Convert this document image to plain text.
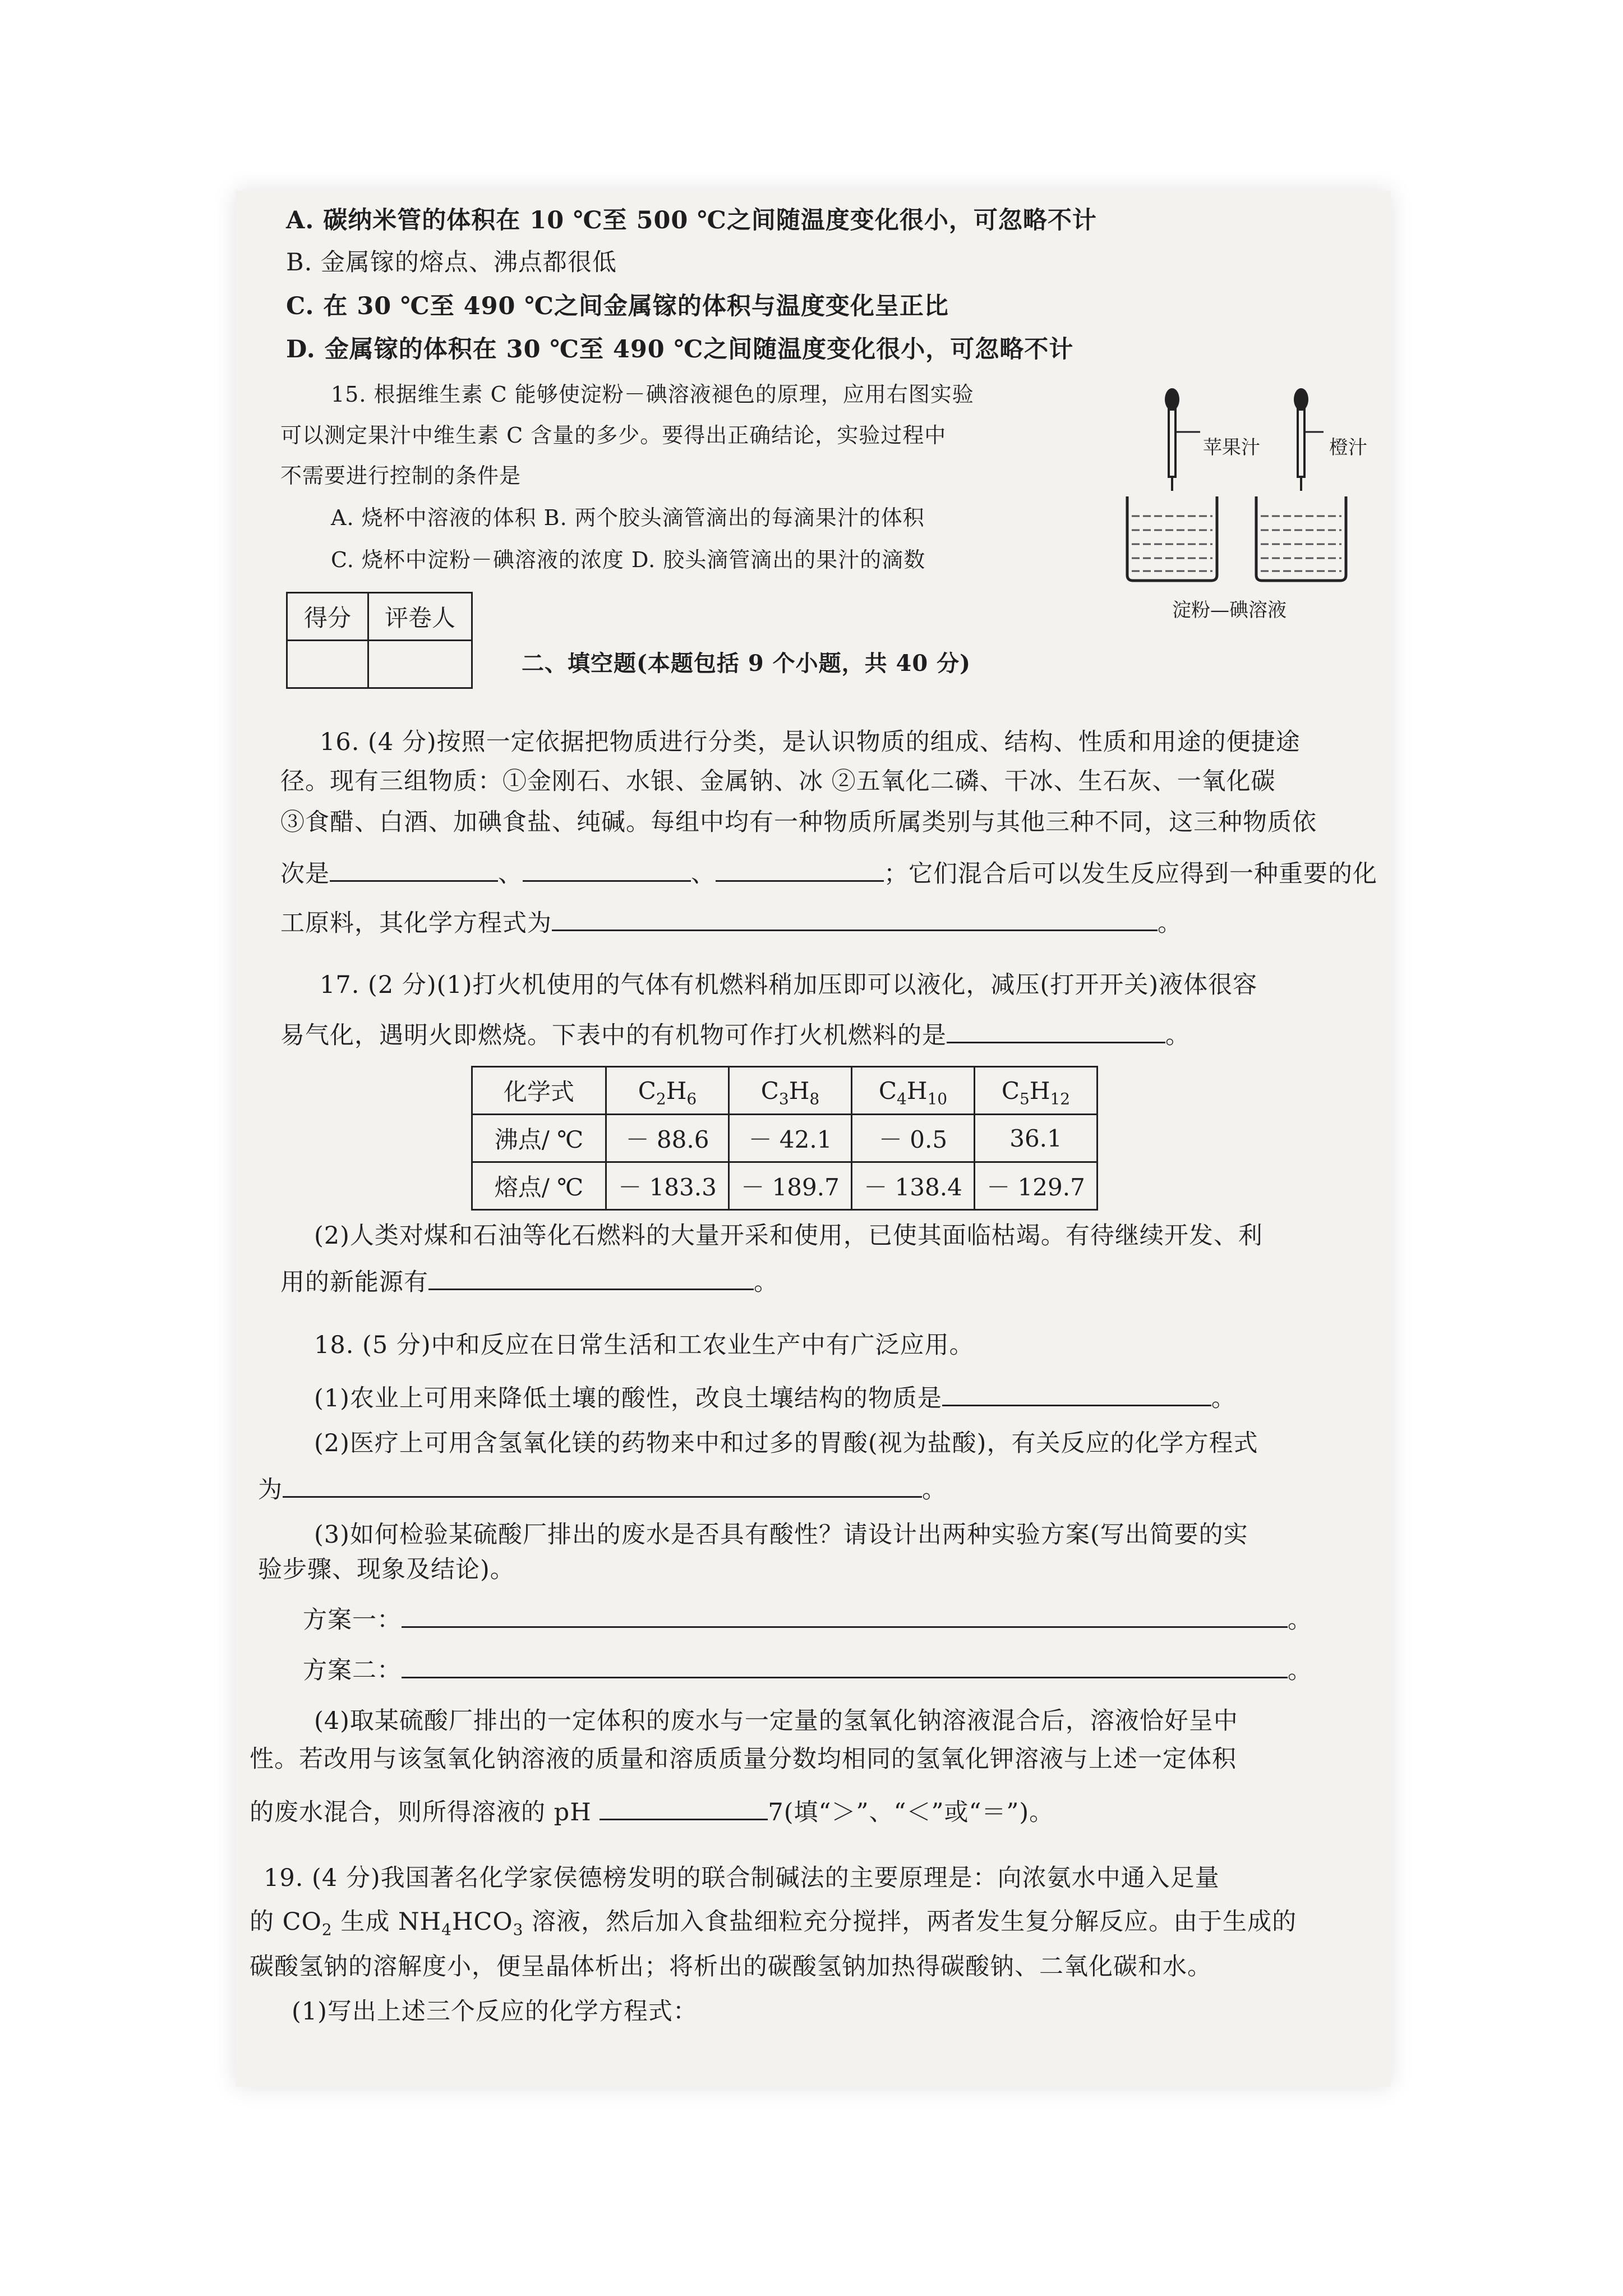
A. 碳纳米管的体积在 10 ℃至 500 ℃之间随温度变化很小，可忽略不计
B. 金属镓的熔点、沸点都很低
C. 在 30 ℃至 490 ℃之间金属镓的体积与温度变化呈正比
D. 金属镓的体积在 30 ℃至 490 ℃之间随温度变化很小，可忽略不计
15. 根据维生素 C 能够使淀粉－碘溶液褪色的原理，应用右图实验
可以测定果汁中维生素 C 含量的多少。要得出正确结论，实验过程中
不需要进行控制的条件是
A. 烧杯中溶液的体积 B. 两个胶头滴管滴出的每滴果汁的体积
C. 烧杯中淀粉－碘溶液的浓度 D. 胶头滴管滴出的果汁的滴数
苹果汁	橙汁
淀粉—碘溶液
得分	评卷人

二、填空题(本题包括 9 个小题，共 40 分)
16. (4 分)按照一定依据把物质进行分类，是认识物质的组成、结构、性质和用途的便捷途
径。现有三组物质：①金刚石、水银、金属钠、冰 ②五氧化二磷、干冰、生石灰、一氧化碳
③食醋、白酒、加碘食盐、纯碱。每组中均有一种物质所属类别与其他三种不同，这三种物质依
次是	、	、	；它们混合后可以发生反应得到一种重要的化
工原料，其化学方程式为	。
17. (2 分)(1)打火机使用的气体有机燃料稍加压即可以液化，减压(打开开关)液体很容
易气化，遇明火即燃烧。下表中的有机物可作打火机燃料的是	。
化学式	$C_2H_6$	$C_3H_8$	$C_4H_{10}$	$C_5H_{12}$
沸点/ ℃	－ 88.6	－ 42.1	－ 0.5	36.1
熔点/ ℃	－ 183.3	－ 189.7	－ 138.4	－ 129.7
(2)人类对煤和石油等化石燃料的大量开采和使用，已使其面临枯竭。有待继续开发、利
用的新能源有	。
18. (5 分)中和反应在日常生活和工农业生产中有广泛应用。
(1)农业上可用来降低土壤的酸性，改良土壤结构的物质是	。
(2)医疗上可用含氢氧化镁的药物来中和过多的胃酸(视为盐酸)，有关反应的化学方程式
为	。
(3)如何检验某硫酸厂排出的废水是否具有酸性？请设计出两种实验方案(写出简要的实
验步骤、现象及结论)。
方案一：	。
方案二：	。
(4)取某硫酸厂排出的一定体积的废水与一定量的氢氧化钠溶液混合后，溶液恰好呈中
性。若改用与该氢氧化钠溶液的质量和溶质质量分数均相同的氢氧化钾溶液与上述一定体积
的废水混合，则所得溶液的 pH	7(填“＞”、“＜”或“＝”)。
19. (4 分)我国著名化学家侯德榜发明的联合制碱法的主要原理是：向浓氨水中通入足量
的 $CO_2$ 生成 $NH_4HCO_3$ 溶液，然后加入食盐细粒充分搅拌，两者发生复分解反应。由于生成的
碳酸氢钠的溶解度小，便呈晶体析出；将析出的碳酸氢钠加热得碳酸钠、二氧化碳和水。
(1)写出上述三个反应的化学方程式：
